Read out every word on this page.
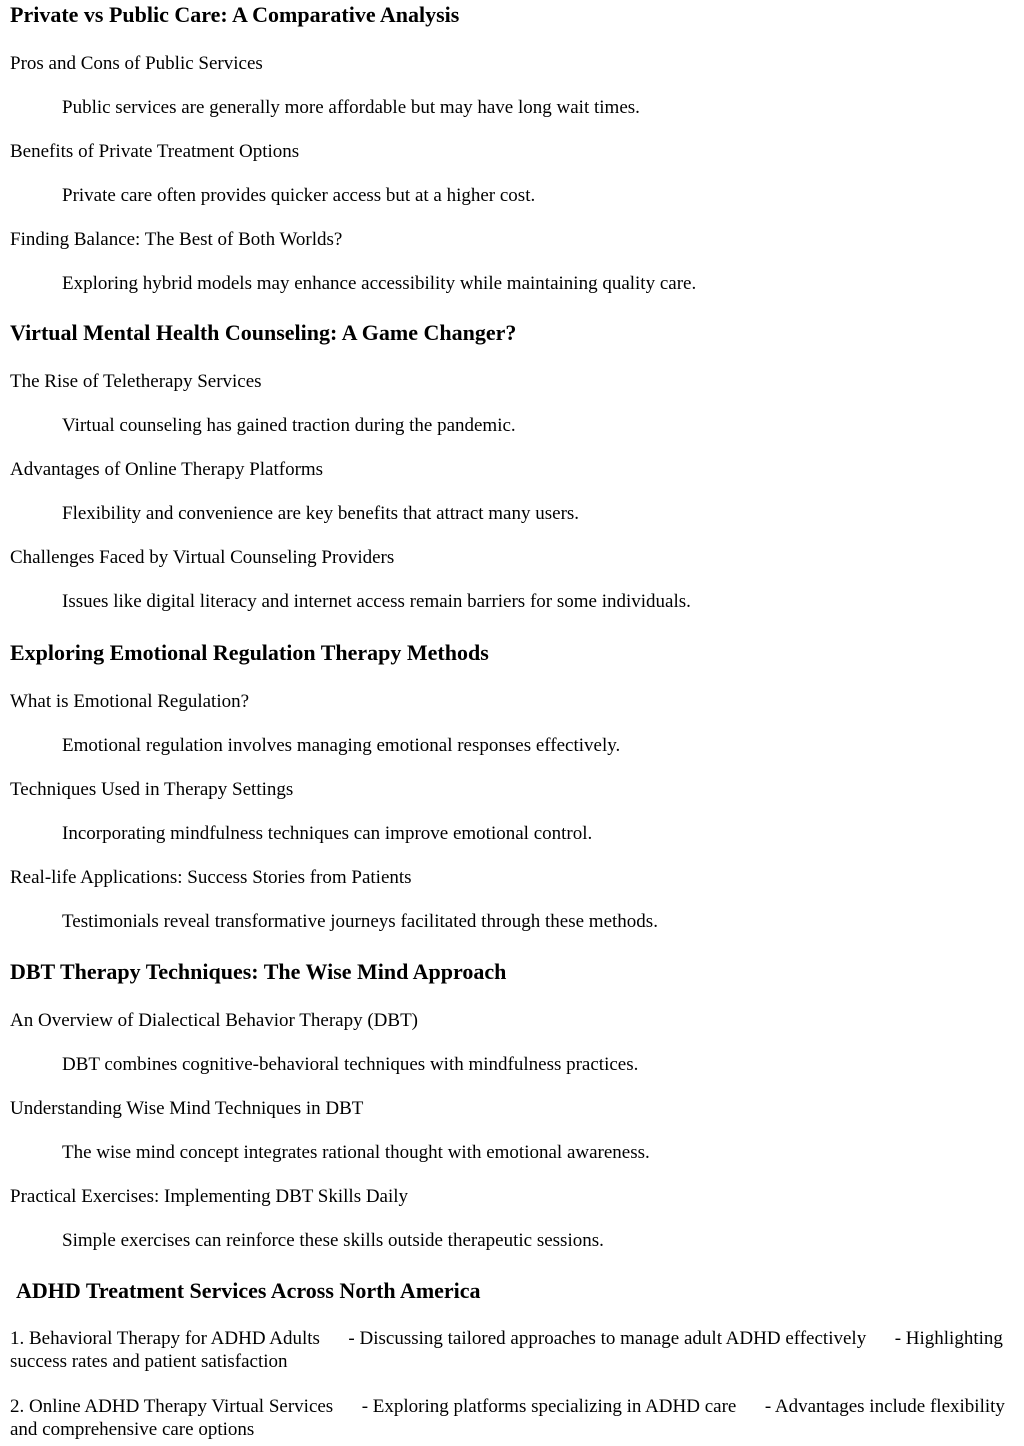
Private vs Public Care: A Comparative Analysis

Pros and Cons of Public Services

Public services are generally more affordable but may have long wait times.

Benefits of Private Treatment Options

Private care often provides quicker access but at a higher cost.

Finding Balance: The Best of Both Worlds?

Exploring hybrid models may enhance accessibility while maintaining quality care.

Virtual Mental Health Counseling: A Game Changer?

The Rise of Teletherapy Services

Virtual counseling has gained traction during the pandemic.

Advantages of Online Therapy Platforms

Flexibility and convenience are key benefits that attract many users.

Challenges Faced by Virtual Counseling Providers

Issues like digital literacy and internet access remain barriers for some individuals.

Exploring Emotional Regulation Therapy Methods

What is Emotional Regulation?

Emotional regulation involves managing emotional responses effectively.

Techniques Used in Therapy Settings

Incorporating mindfulness techniques can improve emotional control.

Real-life Applications: Success Stories from Patients

Testimonials reveal transformative journeys facilitated through these methods.

DBT Therapy Techniques: The Wise Mind Approach

An Overview of Dialectical Behavior Therapy (DBT)

DBT combines cognitive-behavioral techniques with mindfulness practices.

Understanding Wise Mind Techniques in DBT

The wise mind concept integrates rational thought with emotional awareness.

Practical Exercises: Implementing DBT Skills Daily

Simple exercises can reinforce these skills outside therapeutic sessions.

ADHD Treatment Services Across North America

1. Behavioral Therapy for ADHD Adults      - Discussing tailored approaches to manage adult ADHD effectively      - Highlighting success rates and patient satisfaction

2. Online ADHD Therapy Virtual Services      - Exploring platforms specializing in ADHD care      - Advantages include flexibility and comprehensive care options
